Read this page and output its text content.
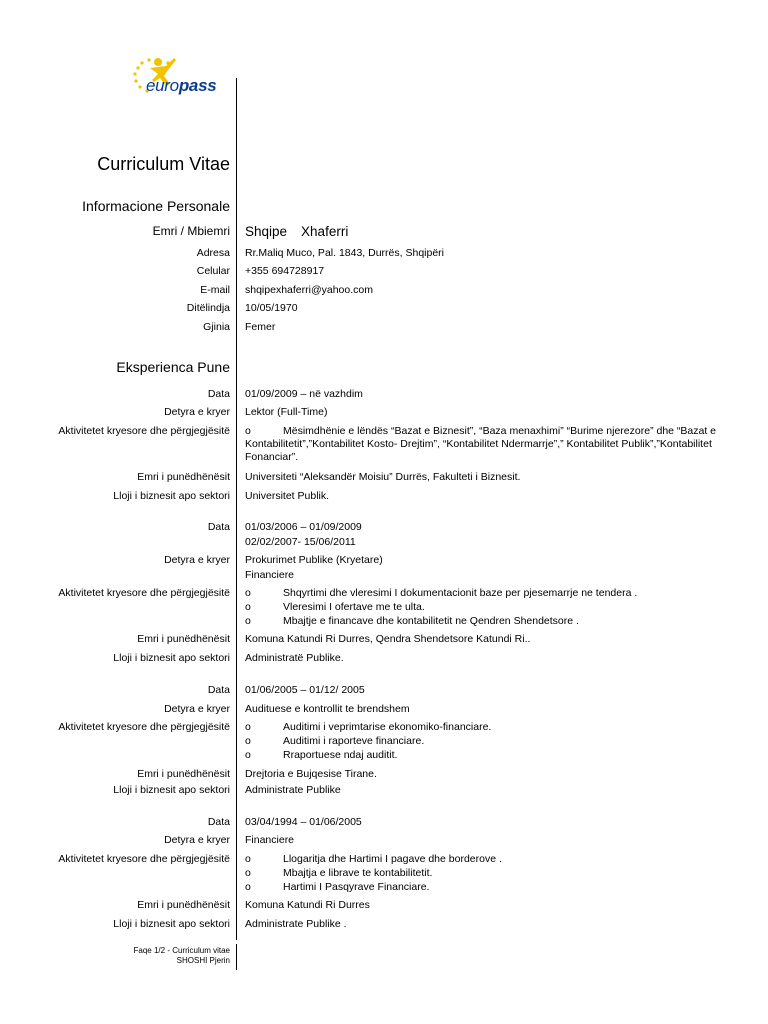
europass
Curriculum Vitae
Informacione Personale
Emri / Mbiemri Shqipe Xhaferri
Adresa Rr.Maliq Muco, Pal. 1843, Durrës, Shqipëri
Celular +355 694728917
E-mail shqipexhaferri@yahoo.com
Ditëlindja 10/05/1970
Gjinia Femer
Eksperienca Pune
Data 01/09/2009 – në vazhdim
Detyra e kryer Lektor (Full-Time)
Aktivitetet kryesore dhe përgjegjësitë o	Mësimdhënie e lëndës “Bazat e Biznesit”, “Baza menaxhimi” “Burime njerezore” dhe “Bazat e Kontabilitetit”,”Kontabilitet Kosto- Drejtim”, “Kontabilitet Ndermarrje”,” Kontabilitet Publik”,”Kontabilitet Fonanciar”.
Emri i punëdhënësit Universiteti “Aleksandër Moisiu” Durrës, Fakulteti i Biznesit.
Lloji i biznesit apo sektori Universitet Publik.
Data 01/03/2006 – 01/09/2009
02/02/2007- 15/06/2011
Detyra e kryer Prokurimet Publike (Kryetare)
Financiere
Aktivitetet kryesore dhe përgjegjësitë o	Shqyrtimi dhe vleresimi I dokumentacionit baze per pjesemarrje ne tendera .
o	Vleresimi I ofertave me te ulta.
o	Mbajtje e financave dhe kontabilitetit ne Qendren Shendetsore .
Emri i punëdhënësit Komuna Katundi Ri Durres, Qendra Shendetsore Katundi Ri..
Lloji i biznesit apo sektori Administratë Publike.
Data 01/06/2005 – 01/12/ 2005
Detyra e kryer Audituese e kontrollit te brendshem
Aktivitetet kryesore dhe përgjegjësitë o	Auditimi i veprimtarise ekonomiko-financiare.
o	Auditimi i raporteve financiare.
o	Rraportuese ndaj auditit.
Emri i punëdhënësit Drejtoria e Bujqesise Tirane.
Lloji i biznesit apo sektori Administrate Publike
Data 03/04/1994 – 01/06/2005
Detyra e kryer Financiere
Aktivitetet kryesore dhe përgjegjësitë o	Llogaritja dhe Hartimi I pagave dhe borderove .
o	Mbajtja e librave te kontabilitetit.
o	Hartimi I Pasqyrave Financiare.
Emri i punëdhënësit Komuna Katundi Ri Durres
Lloji i biznesit apo sektori Administrate Publike .
Faqe 1/2 - Curriculum vitae
SHOSHI Pjerin
